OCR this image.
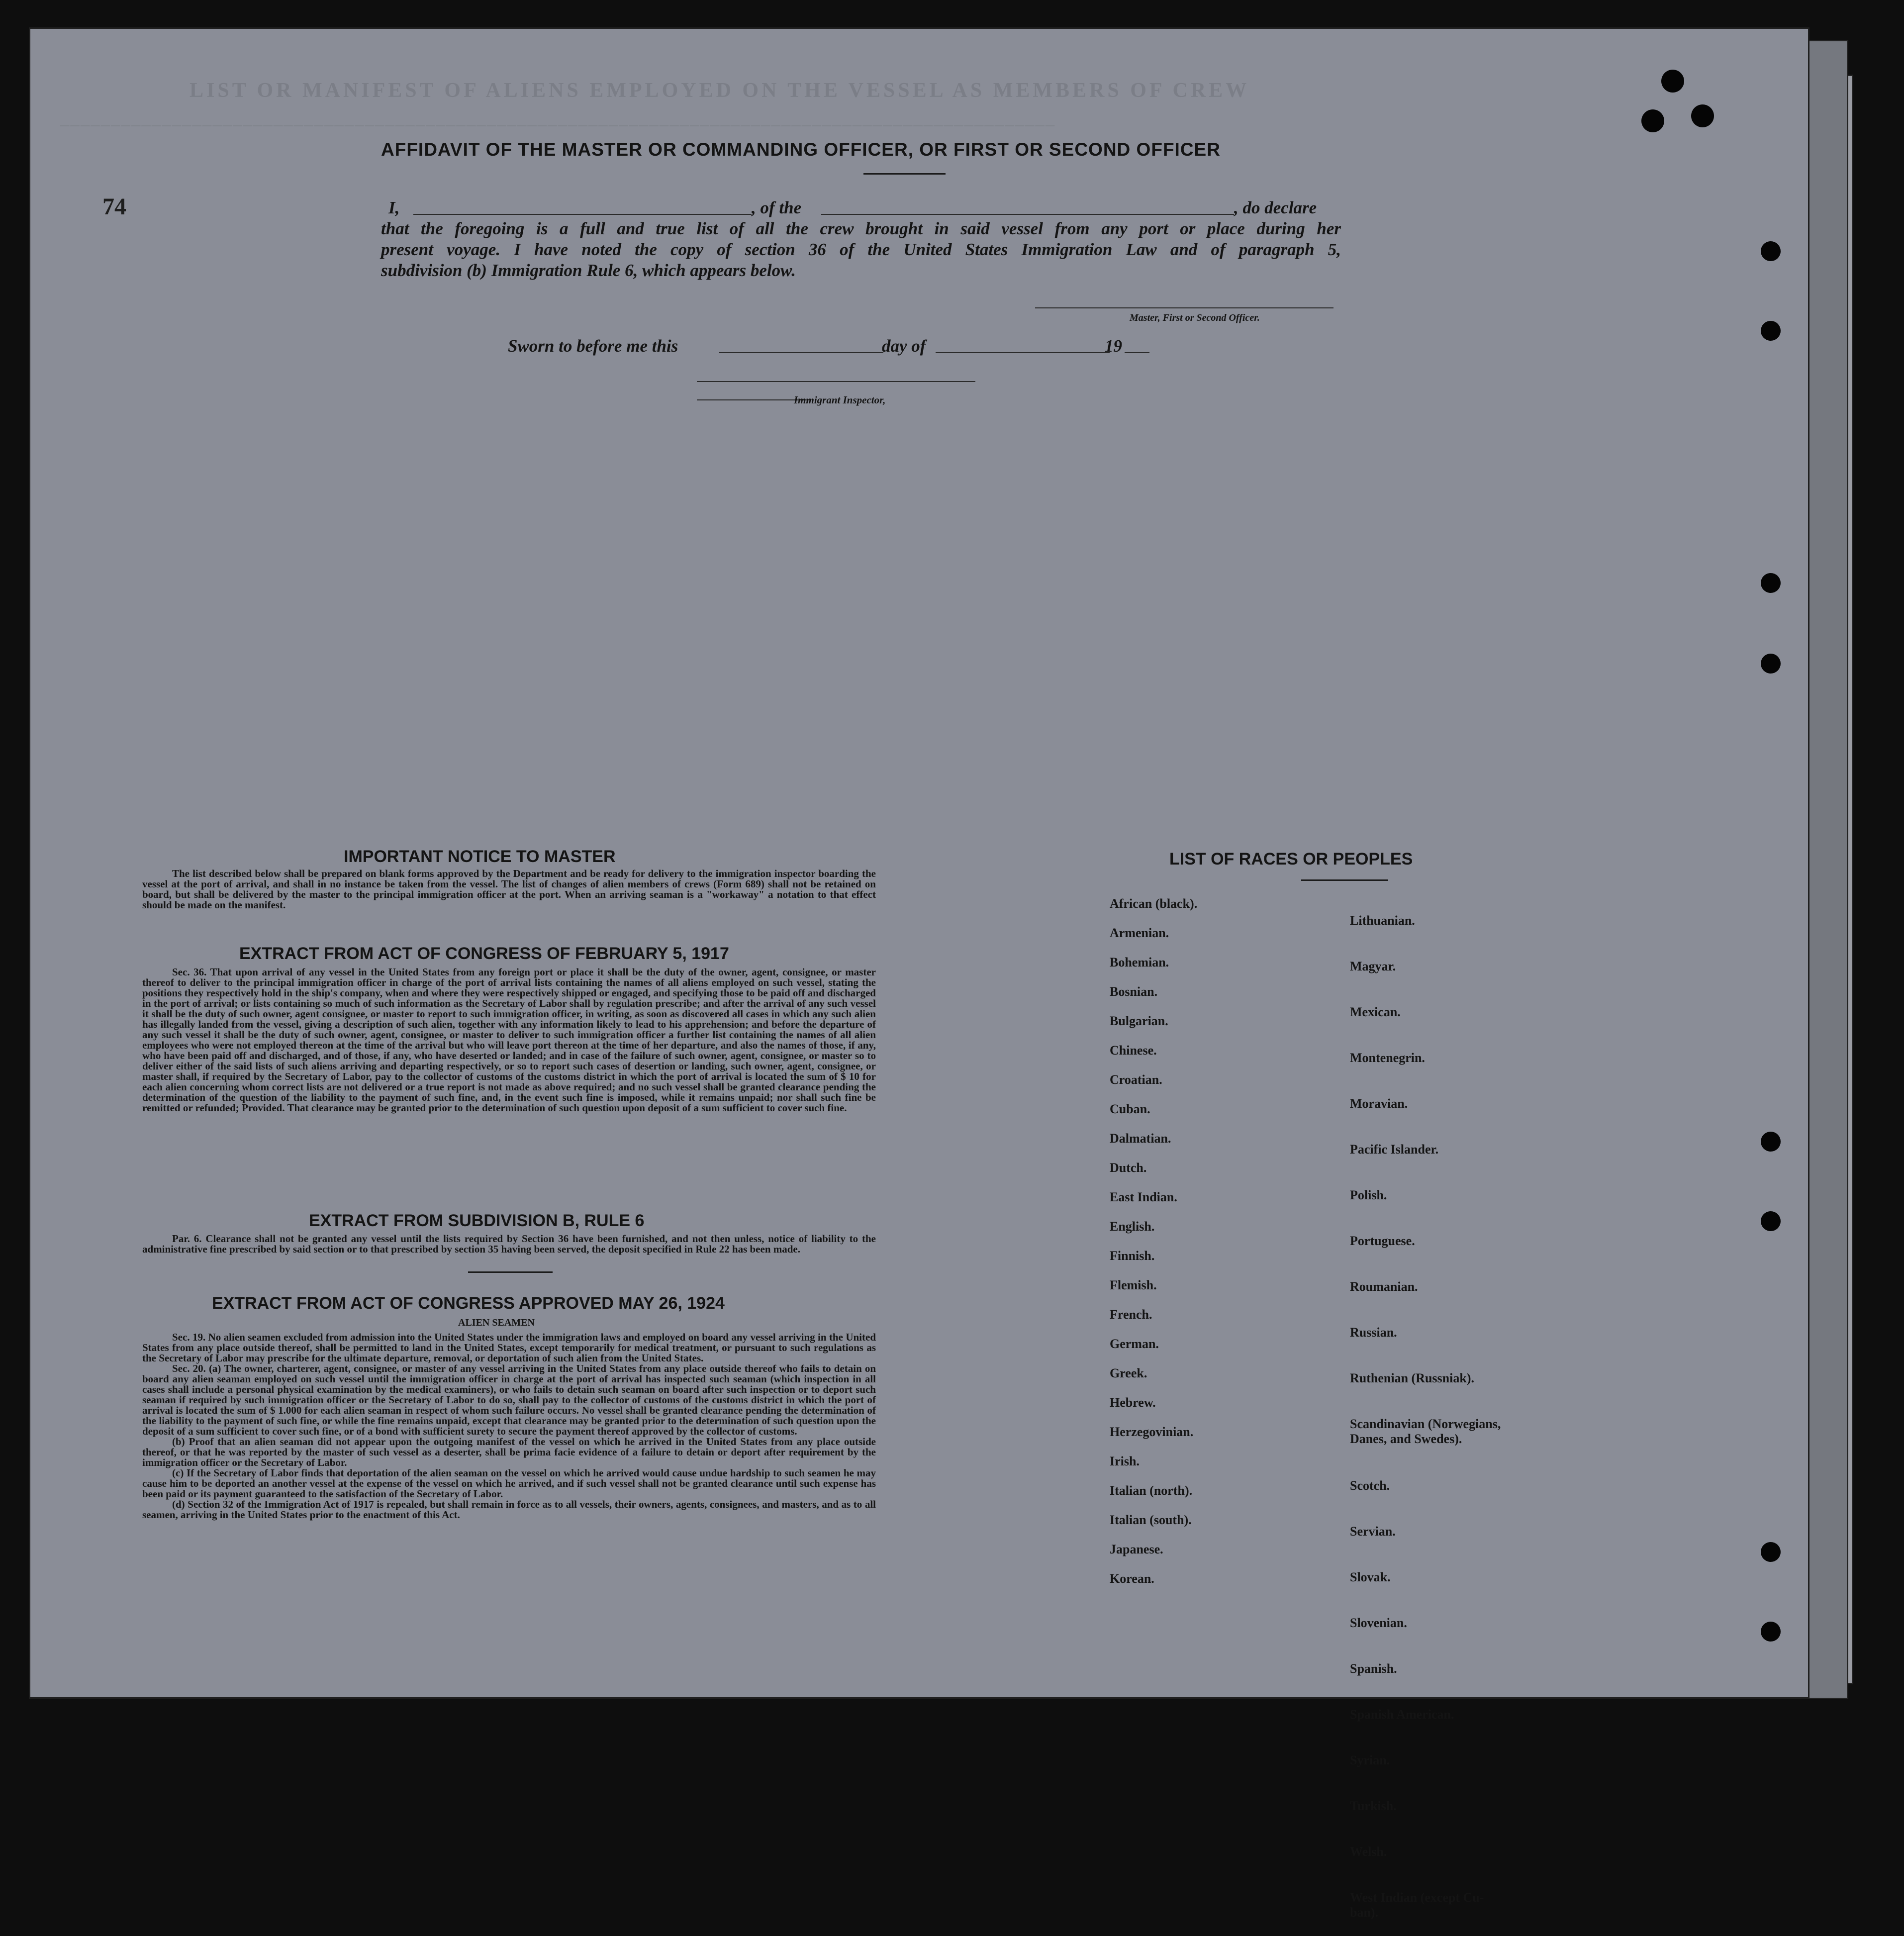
LIST OR MANIFEST OF ALIENS EMPLOYED ON THE VESSEL AS MEMBERS OF CREW
──────────────────────────────────────────────────────────────────────────────────────────────────
74
AFFIDAVIT OF THE MASTER OR COMMANDING OFFICER, OR FIRST OR SECOND OFFICER
I,	, of the	, do declare
that the foregoing is a full and true list of all the crew brought in said vessel from any port or place during her
present voyage. I have noted the copy of section 36 of the United States Immigration Law and of paragraph 5,
subdivision (b) Immigration Rule 6, which appears below.
Master, First or Second Officer.
Sworn to before me this	day of	19
Immigrant Inspector,
IMPORTANT NOTICE TO MASTER

The list described below shall be prepared on blank forms approved by the Department and be ready for delivery to the immigration inspector boarding the vessel at the port of arrival, and shall in no instance be taken from the vessel. The list of changes of alien members of crews (Form 689) shall not be retained on board, but shall be delivered by the master to the principal immigration officer at the port. When an arriving seaman is a "workaway" a notation to that effect should be made on the manifest.

EXTRACT FROM ACT OF CONGRESS OF FEBRUARY 5, 1917

Sec. 36. That upon arrival of any vessel in the United States from any foreign port or place it shall be the duty of the owner, agent, consignee, or master thereof to deliver to the principal immigration officer in charge of the port of arrival lists containing the names of all aliens employed on such vessel, stating the positions they respectively hold in the ship's company, when and where they were respectively shipped or engaged, and specifying those to be paid off and discharged in the port of arrival; or lists containing so much of such information as the Secretary of Labor shall by regulation prescribe; and after the arrival of any such vessel it shall be the duty of such owner, agent consignee, or master to report to such immigration officer, in writing, as soon as discovered all cases in which any such alien has illegally landed from the vessel, giving a description of such alien, together with any information likely to lead to his apprehension; and before the departure of any such vessel it shall be the duty of such owner, agent, consignee, or master to deliver to such immigration officer a further list containing the names of all alien employees who were not employed thereon at the time of the arrival but who will leave port thereon at the time of her departure, and also the names of those, if any, who have been paid off and discharged, and of those, if any, who have deserted or landed; and in case of the failure of such owner, agent, consignee, or master so to deliver either of the said lists of such aliens arriving and departing respectively, or so to report such cases of desertion or landing, such owner, agent, consignee, or master shall, if required by the Secretary of Labor, pay to the collector of customs of the customs district in which the port of arrival is located the sum of $ 10 for each alien concerning whom correct lists are not delivered or a true report is not made as above required; and no such vessel shall be granted clearance pending the determination of the question of the liability to the payment of such fine, and, in the event such fine is imposed, while it remains unpaid; nor shall such fine be remitted or refunded; Provided. That clearance may be granted prior to the determination of such question upon deposit of a sum sufficient to cover such fine.

EXTRACT FROM SUBDIVISION B, RULE 6

Par. 6. Clearance shall not be granted any vessel until the lists required by Section 36 have been furnished, and not then unless, notice of liability to the administrative fine prescribed by said section or to that prescribed by section 35 having been served, the deposit specified in Rule 22 has been made.

EXTRACT FROM ACT OF CONGRESS APPROVED MAY 26, 1924
ALIEN SEAMEN

Sec. 19. No alien seamen excluded from admission into the United States under the immigration laws and employed on board any vessel arriving in the United States from any place outside thereof, shall be permitted to land in the United States, except temporarily for medical treatment, or pursuant to such regulations as the Secretary of Labor may prescribe for the ultimate departure, removal, or deportation of such alien from the United States.

Sec. 20. (a) The owner, charterer, agent, consignee, or master of any vessel arriving in the United States from any place outside thereof who fails to detain on board any alien seaman employed on such vessel until the immigration officer in charge at the port of arrival has inspected such seaman (which inspection in all cases shall include a personal physical examination by the medical examiners), or who fails to detain such seaman on board after such inspection or to deport such seaman if required by such immigration officer or the Secretary of Labor to do so, shall pay to the collector of customs of the customs district in which the port of arrival is located the sum of $ 1.000 for each alien seaman in respect of whom such failure occurs. No vessel shall be granted clearance pending the determination of the liability to the payment of such fine, or while the fine remains unpaid, except that clearance may be granted prior to the determination of such question upon the deposit of a sum sufficient to cover such fine, or of a bond with sufficient surety to secure the payment thereof approved by the collector of customs.

(b) Proof that an alien seaman did not appear upon the outgoing manifest of the vessel on which he arrived in the United States from any place outside thereof, or that he was reported by the master of such vessel as a deserter, shall be prima facie evidence of a failure to detain or deport after requirement by the immigration officer or the Secretary of Labor.

(c) If the Secretary of Labor finds that deportation of the alien seaman on the vessel on which he arrived would cause undue hardship to such seamen he may cause him to be deported an another vessel at the expense of the vessel on which he arrived, and if such vessel shall not be granted clearance until such expense has been paid or its payment guaranteed to the satisfaction of the Secretary of Labor.

(d) Section 32 of the Immigration Act of 1917 is repealed, but shall remain in force as to all vessels, their owners, agents, consignees, and masters, and as to all seamen, arriving in the United States prior to the enactment of this Act.

LIST OF RACES OR PEOPLES
African (black).
Armenian.
Bohemian.
Bosnian.
Bulgarian.
Chinese.
Croatian.
Cuban.
Dalmatian.
Dutch.
East Indian.
English.
Finnish.
Flemish.
French.
German.
Greek.
Hebrew.
Herzegovinian.
Irish.
Italian (north).
Italian (south).
Japanese.
Korean.

Lithuanian.

Magyar.

Mexican.

Montenegrin.

Moravian.

Pacific Islander.

Polish.

Portuguese.

Roumanian.

Russian.

Ruthenian (Russniak).

Scandinavian (Norwegians,
Danes, and Swedes).

Scotch.

Servian.

Slovak.

Slovenian.

Spanish.

Spanish American.

Syrian.

Turkish.

Welsh.

West Indian (except Cu-
ban).
